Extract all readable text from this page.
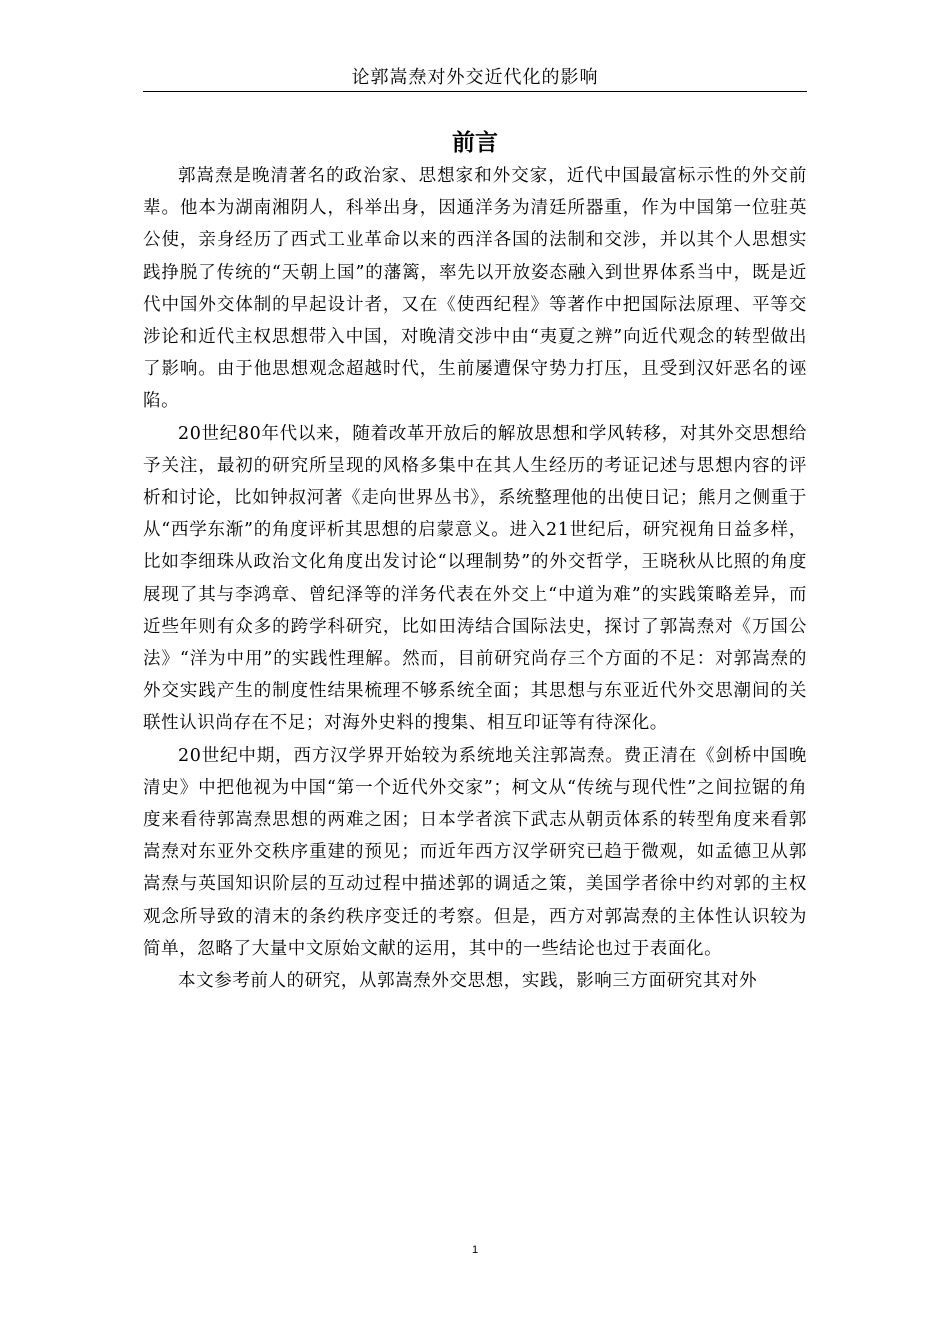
论郭嵩焘对外交近代化的影响
前言

郭嵩焘是晚清著名的政治家、思想家和外交家，近代中国最富标示性的外交前辈。他本为湖南湘阴人，科举出身，因通洋务为清廷所器重，作为中国第一位驻英公使，亲身经历了西式工业革命以来的西洋各国的法制和交涉，并以其个人思想实践挣脱了传统的“天朝上国”的藩篱，率先以开放姿态融入到世界体系当中，既是近代中国外交体制的早起设计者，又在《使西纪程》等著作中把国际法原理、平等交涉论和近代主权思想带入中国，对晚清交涉中由“夷夏之辨”向近代观念的转型做出了影响。由于他思想观念超越时代，生前屡遭保守势力打压，且受到汉奸恶名的诬陷。

20世纪80年代以来，随着改革开放后的解放思想和学风转移，对其外交思想给予关注，最初的研究所呈现的风格多集中在其人生经历的考证记述与思想内容的评析和讨论，比如钟叔河著《走向世界丛书》，系统整理他的出使日记；熊月之侧重于从“西学东渐”的角度评析其思想的启蒙意义。进入21世纪后，研究视角日益多样，比如李细珠从政治文化角度出发讨论“以理制势”的外交哲学，王晓秋从比照的角度展现了其与李鸿章、曾纪泽等的洋务代表在外交上“中道为难”的实践策略差异，而近些年则有众多的跨学科研究，比如田涛结合国际法史，探讨了郭嵩焘对《万国公法》“洋为中用”的实践性理解。然而，目前研究尚存三个方面的不足：对郭嵩焘的外交实践产生的制度性结果梳理不够系统全面；其思想与东亚近代外交思潮间的关联性认识尚存在不足；对海外史料的搜集、相互印证等有待深化。

20世纪中期，西方汉学界开始较为系统地关注郭嵩焘。费正清在《剑桥中国晚清史》中把他视为中国“第一个近代外交家”；柯文从“传统与现代性”之间拉锯的角度来看待郭嵩焘思想的两难之困；日本学者滨下武志从朝贡体系的转型角度来看郭嵩焘对东亚外交秩序重建的预见；而近年西方汉学研究已趋于微观，如孟德卫从郭嵩焘与英国知识阶层的互动过程中描述郭的调适之策，美国学者徐中约对郭的主权观念所导致的清末的条约秩序变迁的考察。但是，西方对郭嵩焘的主体性认识较为简单，忽略了大量中文原始文献的运用，其中的一些结论也过于表面化。

本文参考前人的研究，从郭嵩焘外交思想，实践，影响三方面研究其对外

1
